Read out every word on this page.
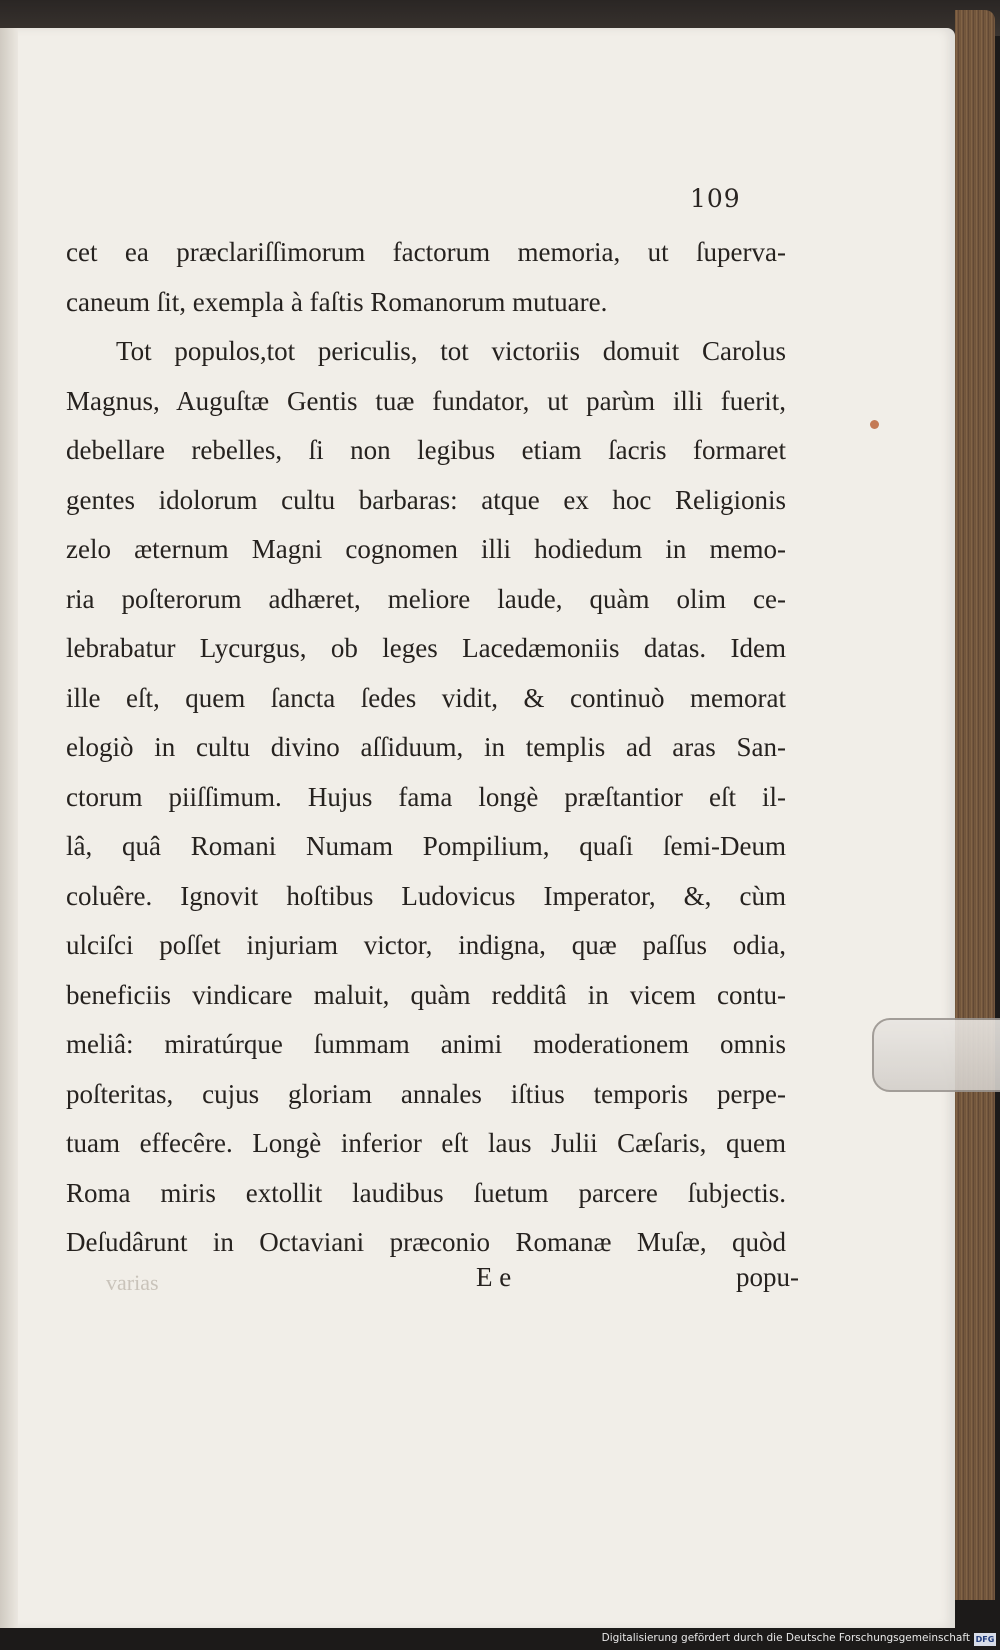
109
cet ea præclariſſimorum factorum memoria, ut ſuperva-
caneum ſit, exempla à faſtis Romanorum mutuare.
Tot populos,tot periculis, tot victoriis domuit Carolus
Magnus, Auguſtæ Gentis tuæ fundator, ut parùm illi fuerit,
debellare rebelles, ſi non legibus etiam ſacris formaret
gentes idolorum cultu barbaras: atque ex hoc Religionis
zelo æternum Magni cognomen illi hodiedum in memo-
ria poſterorum adhæret, meliore laude, quàm olim ce-
lebrabatur Lycurgus, ob leges Lacedæmoniis datas. Idem
ille eſt, quem ſancta ſedes vidit, & continuò memorat
elogiò in cultu divino aſſiduum, in templis ad aras San-
ctorum piiſſimum. Hujus fama longè præſtantior eſt il-
lâ, quâ Romani Numam Pompilium, quaſi ſemi-Deum
coluêre. Ignovit hoſtibus Ludovicus Imperator, &, cùm
ulciſci poſſet injuriam victor, indigna, quæ paſſus odia,
beneficiis vindicare maluit, quàm redditâ in vicem contu-
meliâ: miratúrque ſummam animi moderationem omnis
poſteritas, cujus gloriam annales iſtius temporis perpe-
tuam effecêre. Longè inferior eſt laus Julii Cæſaris, quem
Roma miris extollit laudibus ſuetum parcere ſubjectis.
Deſudârunt in Octaviani præconio Romanæ Muſæ, quòd
varias	E e	popu-
Digitalisierung gefördert durch die Deutsche Forschungsgemeinschaft DFG
